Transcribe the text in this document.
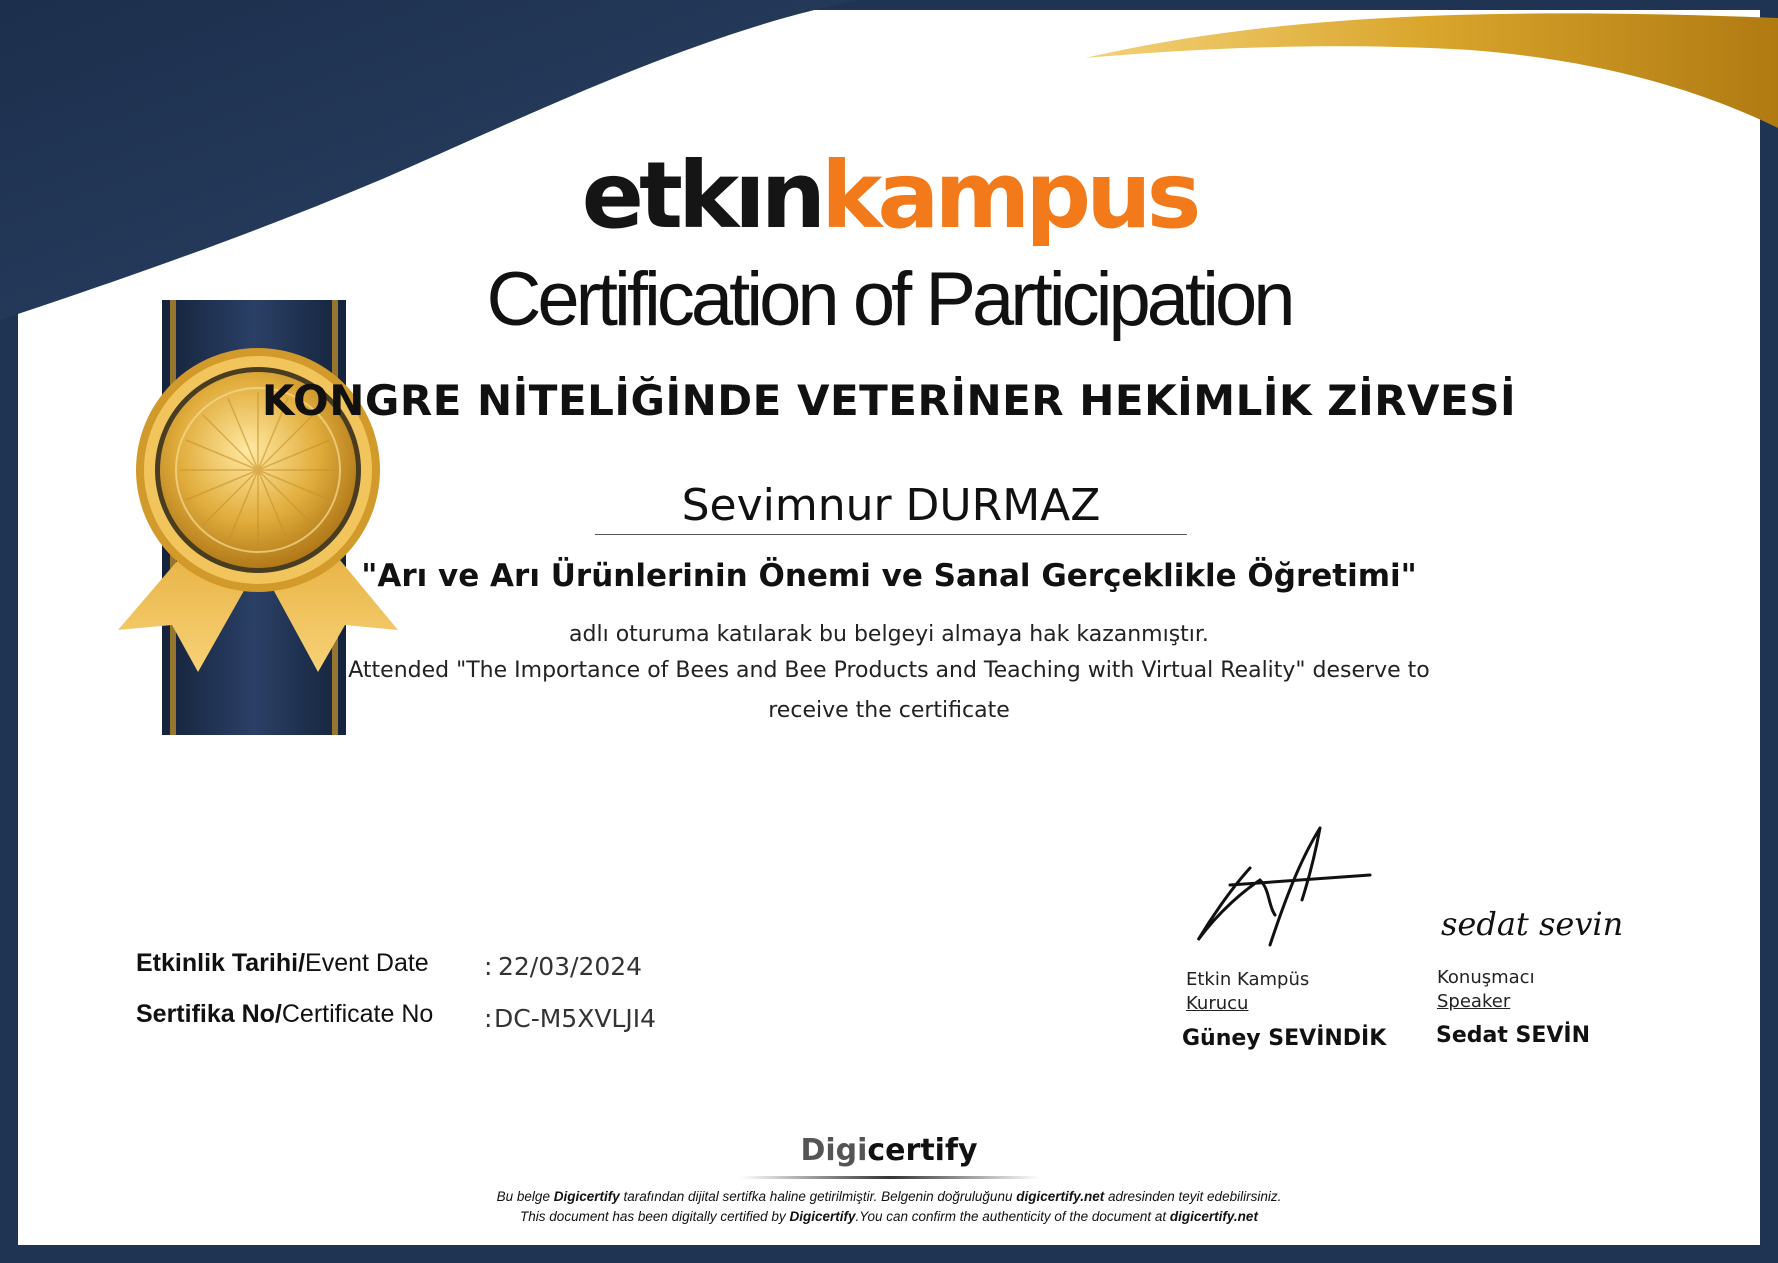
etkınkampus
Certification of Participation
KONGRE NİTELİĞİNDE VETERİNER HEKİMLİK ZİRVESİ
Sevimnur DURMAZ
"Arı ve Arı Ürünlerinin Önemi ve Sanal Gerçeklikle Öğretimi"
adlı oturuma katılarak bu belgeyi almaya hak kazanmıştır.
Attended "The Importance of Bees and Bee Products and Teaching with Virtual Reality" deserve to
receive the certificate
Etkinlik Tarihi/Event Date : 22/03/2024
Sertifika No/Certificate No : DC-M5XVLJI4
sedat sevin
Etkin Kampüs
Kurucu
Güney SEVİNDİK
Konuşmacı
Speaker
Sedat SEVİN
Digicertify
Bu belge Digicertify tarafından dijital sertifka haline getirilmiştir. Belgenin doğruluğunu digicertify.net adresinden teyit edebilirsiniz.
This document has been digitally certified by Digicertify.You can confirm the authenticity of the document at digicertify.net
